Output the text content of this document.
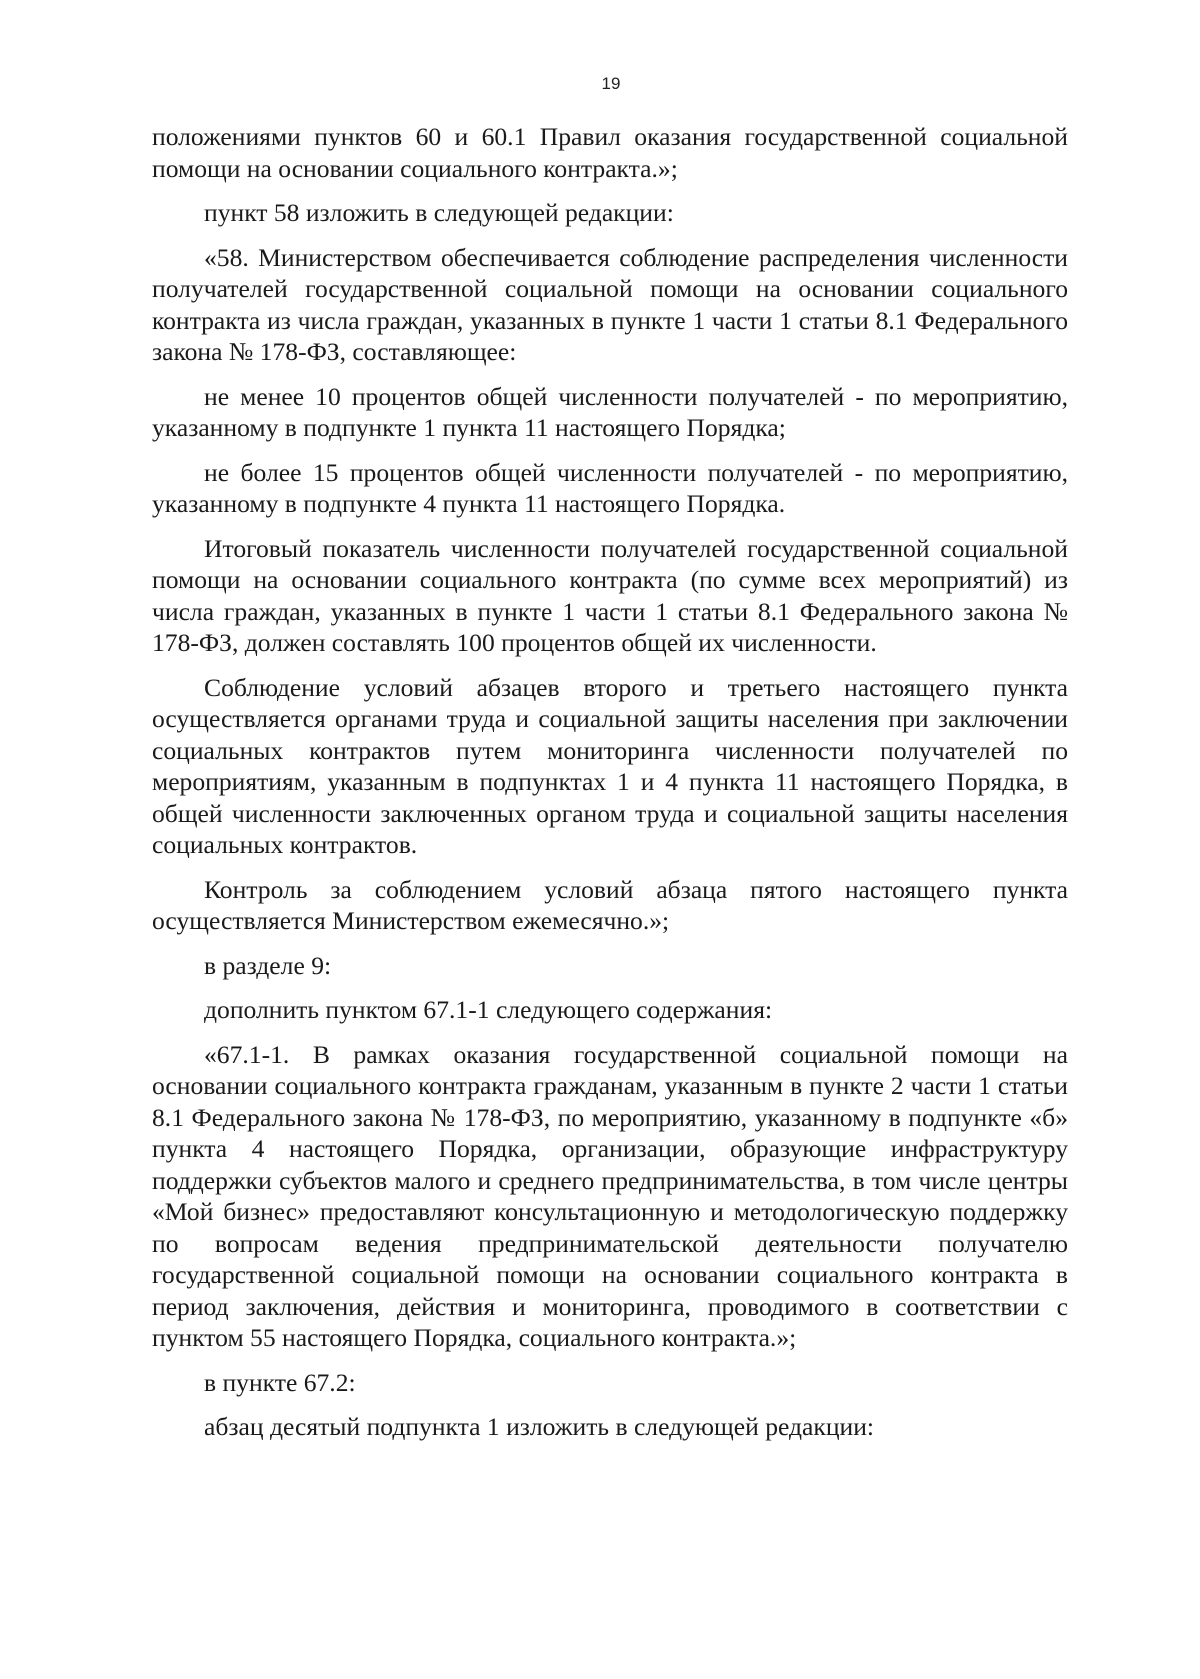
19

положениями пунктов 60 и 60.1 Правил оказания государственной социальной помощи на основании социального контракта.»;

пункт 58 изложить в следующей редакции:

«58. Министерством обеспечивается соблюдение распределения численности получателей государственной социальной помощи на основании социального контракта из числа граждан, указанных в пункте 1 части 1 статьи 8.1 Федерального закона № 178-ФЗ, составляющее:

не менее 10 процентов общей численности получателей - по мероприятию, указанному в подпункте 1 пункта 11 настоящего Порядка;

не более 15 процентов общей численности получателей - по мероприятию, указанному в подпункте 4 пункта 11 настоящего Порядка.

Итоговый показатель численности получателей государственной социальной помощи на основании социального контракта (по сумме всех мероприятий) из числа граждан, указанных в пункте 1 части 1 статьи 8.1 Федерального закона № 178-ФЗ, должен составлять 100 процентов общей их численности.

Соблюдение условий абзацев второго и третьего настоящего пункта осуществляется органами труда и социальной защиты населения при заключении социальных контрактов путем мониторинга численности получателей по мероприятиям, указанным в подпунктах 1 и 4 пункта 11 настоящего Порядка, в общей численности заключенных органом труда и социальной защиты населения социальных контрактов.

Контроль за соблюдением условий абзаца пятого настоящего пункта осуществляется Министерством ежемесячно.»;

в разделе 9:

дополнить пунктом 67.1-1 следующего содержания:

«67.1-1. В рамках оказания государственной социальной помощи на основании социального контракта гражданам, указанным в пункте 2 части 1 статьи 8.1 Федерального закона № 178-ФЗ, по мероприятию, указанному в подпункте «б» пункта 4 настоящего Порядка, организации, образующие инфраструктуру поддержки субъектов малого и среднего предпринимательства, в том числе центры «Мой бизнес» предоставляют консультационную и методологическую поддержку по вопросам ведения предпринимательской деятельности получателю государственной социальной помощи на основании социального контракта в период заключения, действия и мониторинга, проводимого в соответствии с пунктом 55 настоящего Порядка, социального контракта.»;

в пункте 67.2:

абзац десятый подпункта 1 изложить в следующей редакции:
